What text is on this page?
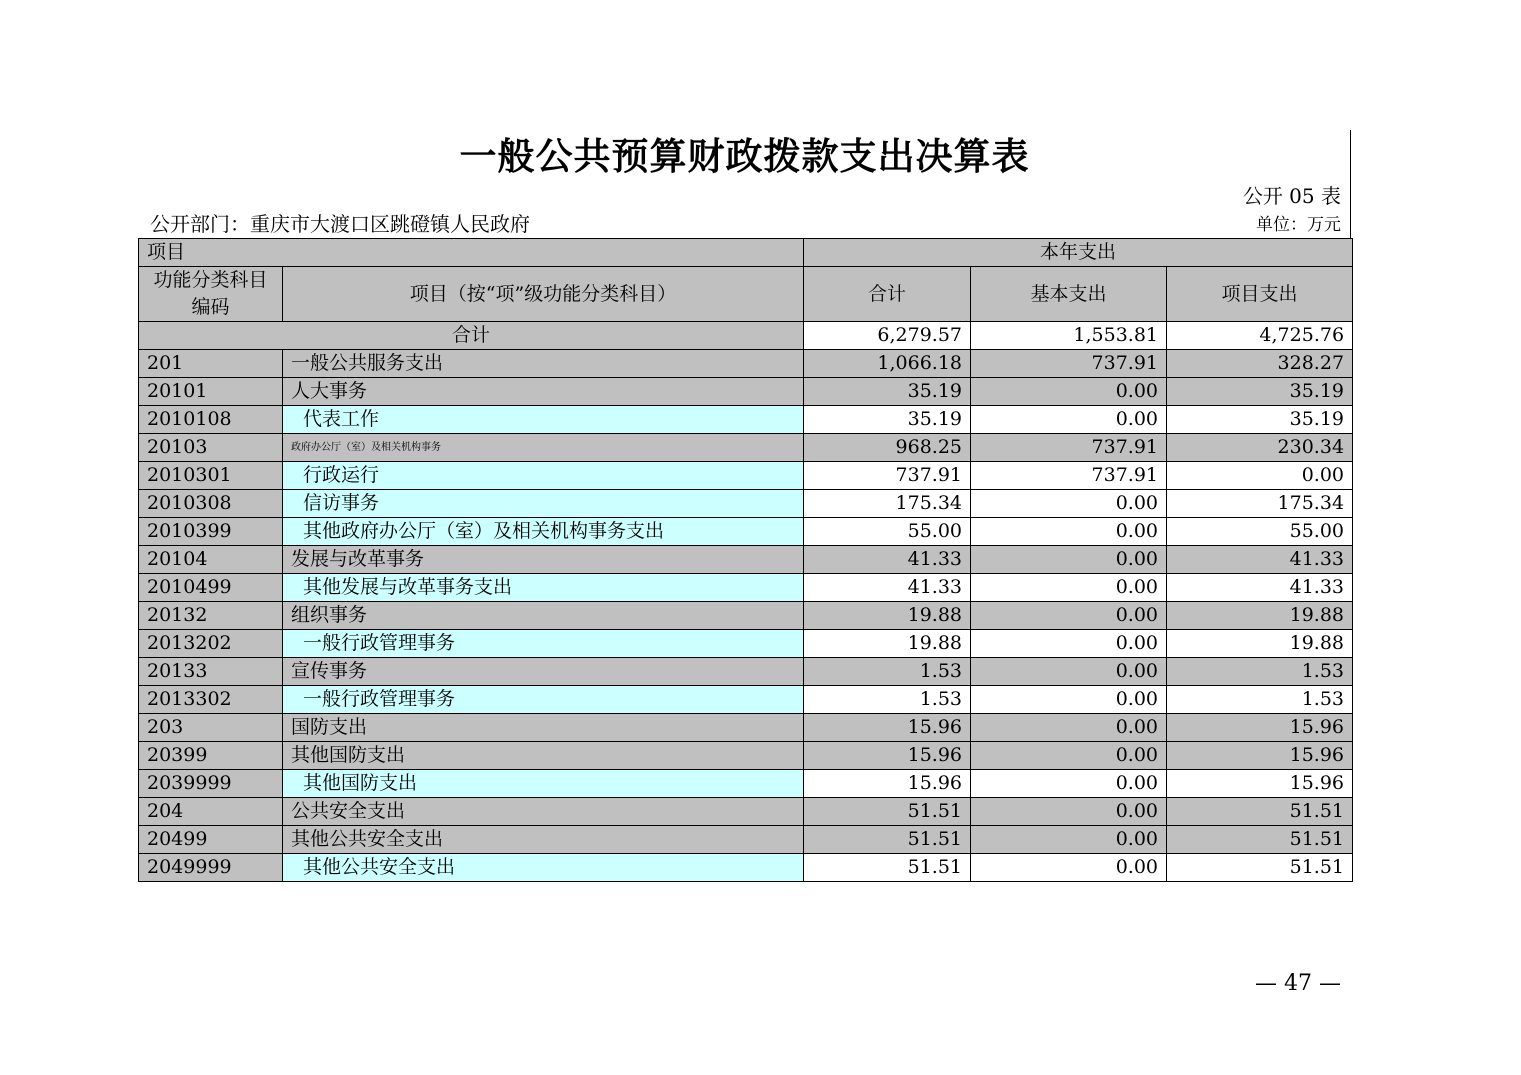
一般公共预算财政拨款支出决算表
公开 05 表
公开部门：重庆市大渡口区跳磴镇人民政府	单位：万元
项目		本年支出		
功能分类科目编码	项目（按“项”级功能分类科目）	合计	基本支出	项目支出
合计		6,279.57	1,553.81	4,725.76
201	一般公共服务支出	1,066.18	737.91	328.27
20101	人大事务	35.19	0.00	35.19
2010108	代表工作	35.19	0.00	35.19
20103	政府办公厅（室）及相关机构事务	968.25	737.91	230.34
2010301	行政运行	737.91	737.91	0.00
2010308	信访事务	175.34	0.00	175.34
2010399	其他政府办公厅（室）及相关机构事务支出	55.00	0.00	55.00
20104	发展与改革事务	41.33	0.00	41.33
2010499	其他发展与改革事务支出	41.33	0.00	41.33
20132	组织事务	19.88	0.00	19.88
2013202	一般行政管理事务	19.88	0.00	19.88
20133	宣传事务	1.53	0.00	1.53
2013302	一般行政管理事务	1.53	0.00	1.53
203	国防支出	15.96	0.00	15.96
20399	其他国防支出	15.96	0.00	15.96
2039999	其他国防支出	15.96	0.00	15.96
204	公共安全支出	51.51	0.00	51.51
20499	其他公共安全支出	51.51	0.00	51.51
2049999	其他公共安全支出	51.51	0.00	51.51
— 47 —
